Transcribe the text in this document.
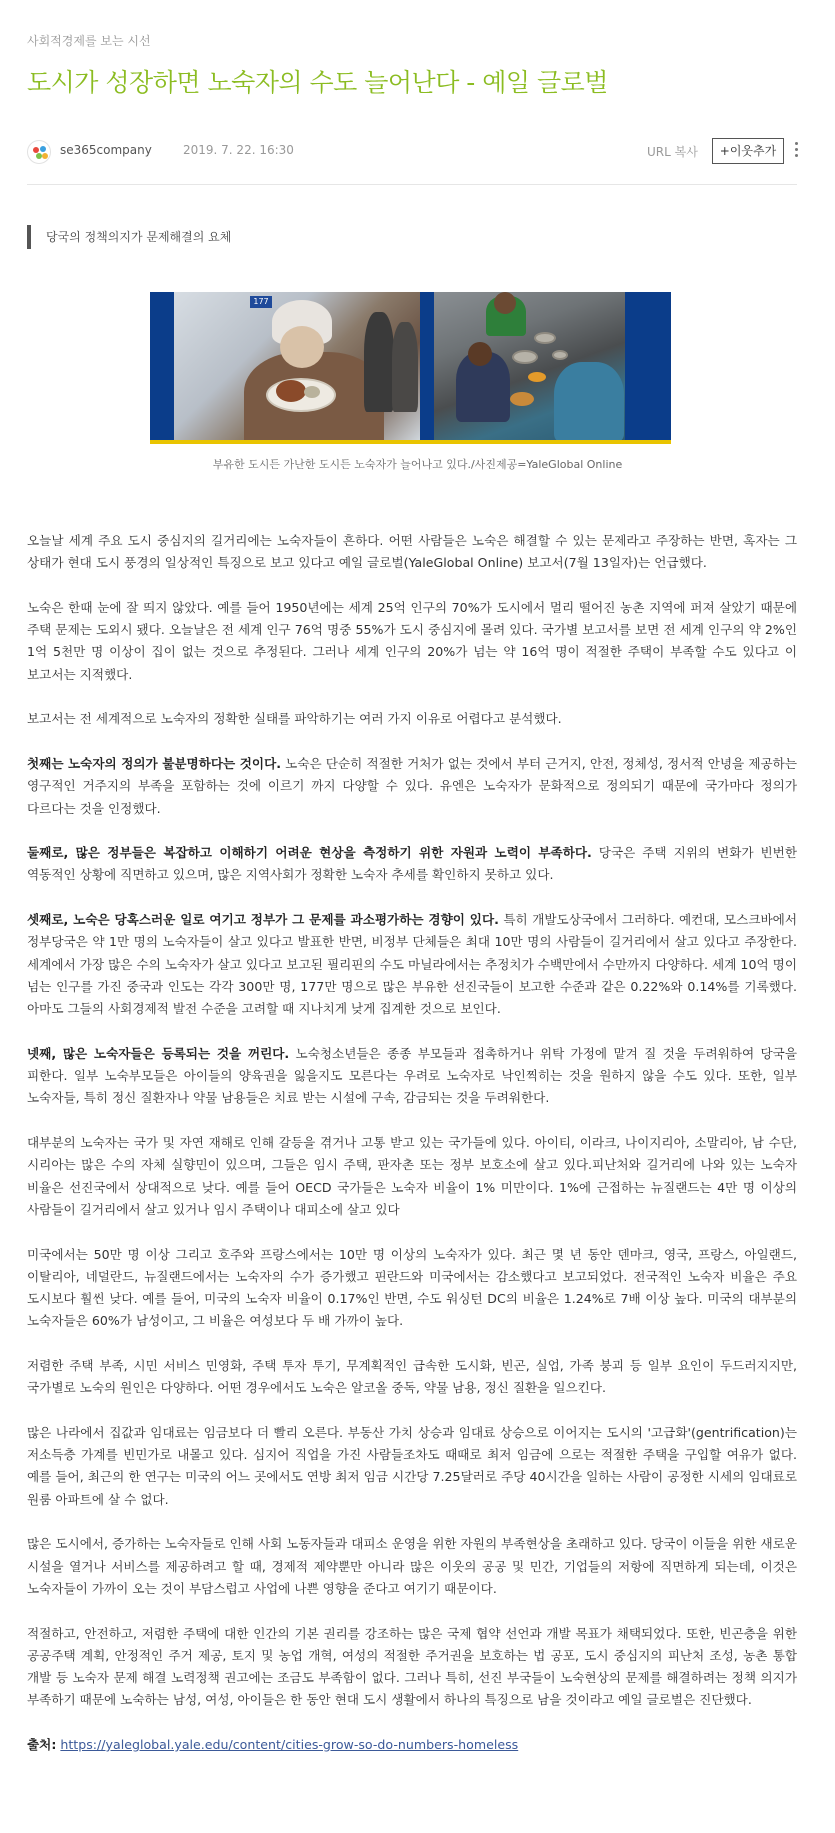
사회적경제를 보는 시선
도시가 성장하면 노숙자의 수도 늘어난다 - 예일 글로벌
se365company	2019. 7. 22. 16:30	URL 복사	+이웃추가
당국의 정책의지가 문제해결의 요체
177
부유한 도시든 가난한 도시든 노숙자가 늘어나고 있다./사진제공=YaleGlobal Online

오늘날 세계 주요 도시 중심지의 길거리에는 노숙자들이 흔하다. 어떤 사람들은 노숙은 해결할 수 있는 문제라고 주장하는 반면, 혹자는 그 상태가 현대 도시 풍경의 일상적인 특징으로 보고 있다고 예일 글로벌(YaleGlobal Online) 보고서(7월 13일자)는 언급했다.

노숙은 한때 눈에 잘 띄지 않았다. 예를 들어 1950년에는 세계 25억 인구의 70%가 도시에서 멀리 떨어진 농촌 지역에 퍼져 살았기 때문에 주택 문제는 도외시 됐다. 오늘날은 전 세계 인구 76억 명중 55%가 도시 중심지에 몰려 있다. 국가별 보고서를 보면 전 세계 인구의 약 2%인 1억 5천만 명 이상이 집이 없는 것으로 추정된다. 그러나 세계 인구의 20%가 넘는 약 16억 명이 적절한 주택이 부족할 수도 있다고 이 보고서는 지적했다.

보고서는 전 세계적으로 노숙자의 정확한 실태를 파악하기는 여러 가지 이유로 어렵다고 분석했다.

첫째는 노숙자의 정의가 불분명하다는 것이다. 노숙은 단순히 적절한 거처가 없는 것에서 부터 근거지, 안전, 정체성, 정서적 안녕을 제공하는 영구적인 거주지의 부족을 포함하는 것에 이르기 까지 다양할 수 있다. 유엔은 노숙자가 문화적으로 정의되기 때문에 국가마다 정의가 다르다는 것을 인정했다.

둘째로, 많은 정부들은 복잡하고 이해하기 어려운 현상을 측정하기 위한 자원과 노력이 부족하다. 당국은 주택 지위의 변화가 빈번한 역동적인 상황에 직면하고 있으며, 많은 지역사회가 정확한 노숙자 추세를 확인하지 못하고 있다.

셋째로, 노숙은 당혹스러운 일로 여기고 정부가 그 문제를 과소평가하는 경향이 있다. 특히 개발도상국에서 그러하다. 예컨대, 모스크바에서 정부당국은 약 1만 명의 노숙자들이 살고 있다고 발표한 반면, 비정부 단체들은 최대 10만 명의 사람들이 길거리에서 살고 있다고 주장한다. 세계에서 가장 많은 수의 노숙자가 살고 있다고 보고된 필리핀의 수도 마닐라에서는 추정치가 수백만에서 수만까지 다양하다. 세계 10억 명이 넘는 인구를 가진 중국과 인도는 각각 300만 명, 177만 명으로 많은 부유한 선진국들이 보고한 수준과 같은 0.22%와 0.14%를 기록했다. 아마도 그들의 사회경제적 발전 수준을 고려할 때 지나치게 낮게 집계한 것으로 보인다.

넷째, 많은 노숙자들은 등록되는 것을 꺼린다. 노숙청소년들은 종종 부모들과 접촉하거나 위탁 가정에 맡겨 질 것을 두려워하여 당국을 피한다. 일부 노숙부모들은 아이들의 양육권을 잃을지도 모른다는 우려로 노숙자로 낙인찍히는 것을 원하지 않을 수도 있다. 또한, 일부 노숙자들, 특히 정신 질환자나 약물 남용들은 치료 받는 시설에 구속, 감금되는 것을 두려워한다.

대부분의 노숙자는 국가 및 자연 재해로 인해 갈등을 겪거나 고통 받고 있는 국가들에 있다. 아이티, 이라크, 나이지리아, 소말리아, 남 수단, 시리아는 많은 수의 자체 실향민이 있으며, 그들은 임시 주택, 판자촌 또는 정부 보호소에 살고 있다.피난처와 길거리에 나와 있는 노숙자 비율은 선진국에서 상대적으로 낮다. 예를 들어 OECD 국가들은 노숙자 비율이 1% 미만이다. 1%에 근접하는 뉴질랜드는 4만 명 이상의 사람들이 길거리에서 살고 있거나 임시 주택이나 대피소에 살고 있다

미국에서는 50만 명 이상 그리고 호주와 프랑스에서는 10만 명 이상의 노숙자가 있다. 최근 몇 년 동안 덴마크, 영국, 프랑스, 아일랜드, 이탈리아, 네덜란드, 뉴질랜드에서는 노숙자의 수가 증가했고 핀란드와 미국에서는 감소했다고 보고되었다. 전국적인 노숙자 비율은 주요 도시보다 훨씬 낮다. 예를 들어, 미국의 노숙자 비율이 0.17%인 반면, 수도 워싱턴 DC의 비율은 1.24%로 7배 이상 높다. 미국의 대부분의 노숙자들은 60%가 남성이고, 그 비율은 여성보다 두 배 가까이 높다.

저렴한 주택 부족, 시민 서비스 민영화, 주택 투자 투기, 무계획적인 급속한 도시화, 빈곤, 실업, 가족 붕괴 등 일부 요인이 두드러지지만, 국가별로 노숙의 원인은 다양하다. 어떤 경우에서도 노숙은 알코올 중독, 약물 남용, 정신 질환을 일으킨다.

많은 나라에서 집값과 임대료는 임금보다 더 빨리 오른다. 부동산 가치 상승과 임대료 상승으로 이어지는 도시의 '고급화'(gentrification)는 저소득층 가계를 빈민가로 내몰고 있다. 심지어 직업을 가진 사람들조차도 때때로 최저 임금에 으로는 적절한 주택을 구입할 여유가 없다. 예를 들어, 최근의 한 연구는 미국의 어느 곳에서도 연방 최저 임금 시간당 7.25달러로 주당 40시간을 일하는 사람이 공정한 시세의 임대료로 원룸 아파트에 살 수 없다.

많은 도시에서, 증가하는 노숙자들로 인해 사회 노동자들과 대피소 운영을 위한 자원의 부족현상을 초래하고 있다. 당국이 이들을 위한 새로운 시설을 열거나 서비스를 제공하려고 할 때, 경제적 제약뿐만 아니라 많은 이웃의 공공 및 민간, 기업들의 저항에 직면하게 되는데, 이것은 노숙자들이 가까이 오는 것이 부담스럽고 사업에 나쁜 영향을 준다고 여기기 때문이다.

적절하고, 안전하고, 저렴한 주택에 대한 인간의 기본 권리를 강조하는 많은 국제 협약 선언과 개발 목표가 채택되었다. 또한, 빈곤층을 위한 공공주택 계획, 안정적인 주거 제공, 토지 및 농업 개혁, 여성의 적절한 주거권을 보호하는 법 공포, 도시 중심지의 피난처 조성, 농촌 통합 개발 등 노숙자 문제 해결 노력정책 권고에는 조금도 부족함이 없다. 그러나 특히, 선진 부국들이 노숙현상의 문제를 해결하려는 정책 의지가 부족하기 때문에 노숙하는 남성, 여성, 아이들은 한 동안 현대 도시 생활에서 하나의 특징으로 남을 것이라고 예일 글로벌은 진단했다.

출처: https://yaleglobal.yale.edu/content/cities-grow-so-do-numbers-homeless
